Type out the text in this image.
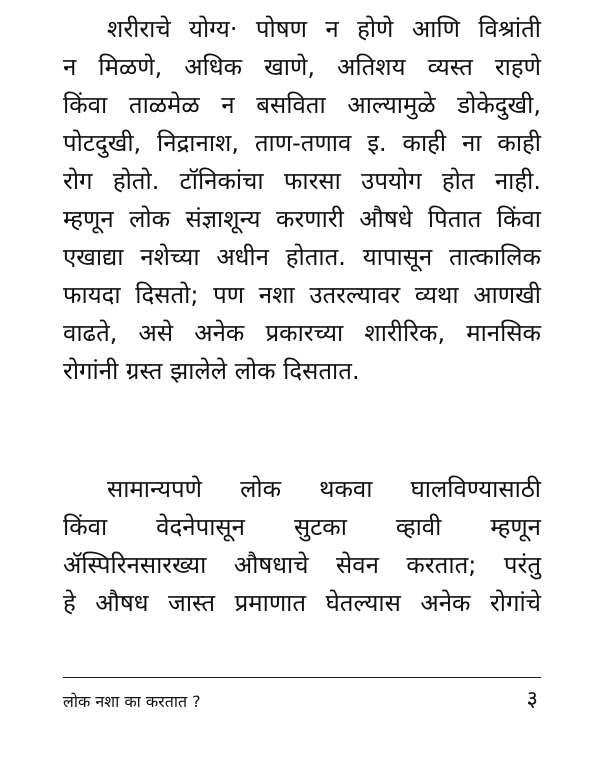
शरीराचे योग्य· पोषण न होणे आणि विश्रांती
न मिळणे, अधिक खाणे, अतिशय व्यस्त राहणे
किंवा ताळमेळ न बसविता आल्यामुळे डोकेदुखी,
पोटदुखी, निद्रानाश, ताण-तणाव इ. काही ना काही
रोग होतो. टॉनिकांचा फारसा उपयोग होत नाही.
म्हणून लोक संज्ञाशून्य करणारी औषधे पितात किंवा
एखाद्या नशेच्या अधीन होतात. यापासून तात्कालिक
फायदा दिसतो; पण नशा उतरल्यावर व्यथा आणखी
वाढते, असे अनेक प्रकारच्या शारीरिक, मानसिक
रोगांनी ग्रस्त झालेले लोक दिसतात.
सामान्यपणे लोक थकवा घालविण्यासाठी
किंवा वेदनेपासून सुटका व्हावी म्हणून
ॲस्पिरिनसारख्या औषधाचे सेवन करतात; परंतु
हे औषध जास्त प्रमाणात घेतल्यास अनेक रोगांचे
लोक नशा का करतात ?	३
